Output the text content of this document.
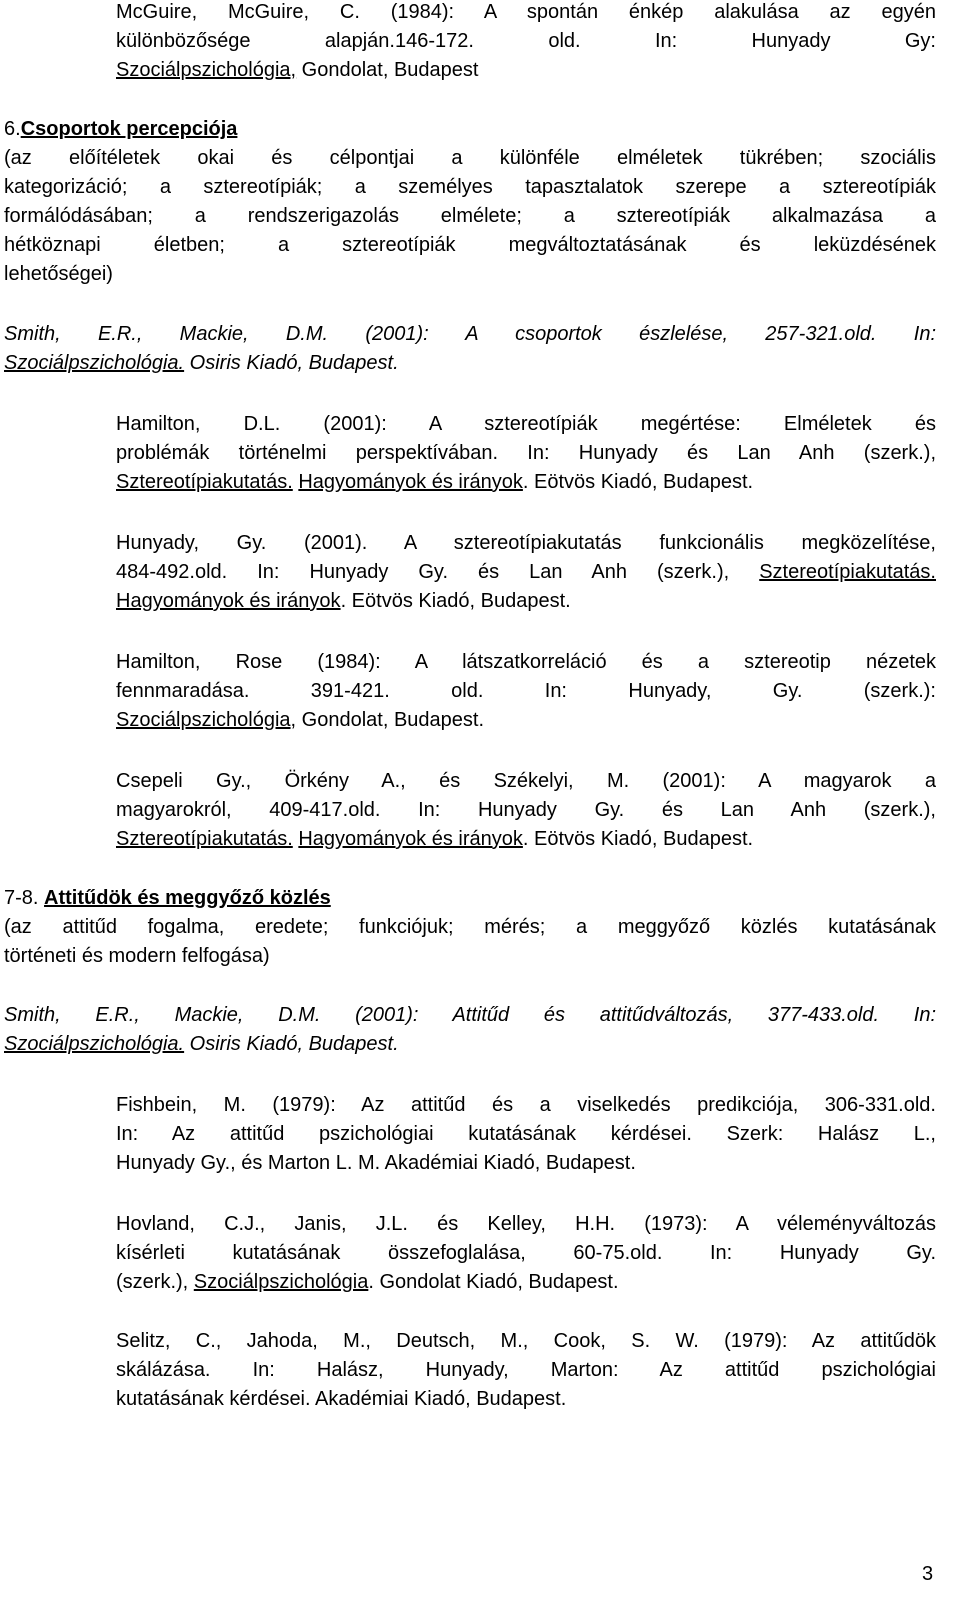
McGuire, McGuire, C. (1984): A spontán énkép alakulása az egyén
különbözősége alapján.146-172. old. In: Hunyady Gy:
Szociálpszichológia, Gondolat, Budapest
6.Csoportok percepciója
(az előítéletek okai és célpontjai a különféle elméletek tükrében; szociális
kategorizáció; a sztereotípiák; a személyes tapasztalatok szerepe a sztereotípiák
formálódásában; a rendszerigazolás elmélete; a sztereotípiák alkalmazása a
hétköznapi életben; a sztereotípiák megváltoztatásának és leküzdésének
lehetőségei)
Smith, E.R., Mackie, D.M. (2001): A csoportok észlelése, 257-321.old. In:
Szociálpszichológia. Osiris Kiadó, Budapest.
Hamilton, D.L. (2001): A sztereotípiák megértése: Elméletek és
problémák történelmi perspektívában. In: Hunyady és Lan Anh (szerk.),
Sztereotípiakutatás. Hagyományok és irányok. Eötvös Kiadó, Budapest.
Hunyady, Gy. (2001). A sztereotípiakutatás funkcionális megközelítése,
484-492.old. In: Hunyady Gy. és Lan Anh (szerk.), Sztereotípiakutatás.
Hagyományok és irányok. Eötvös Kiadó, Budapest.
Hamilton, Rose (1984): A látszatkorreláció és a sztereotip nézetek
fennmaradása. 391-421. old. In: Hunyady, Gy. (szerk.):
Szociálpszichológia, Gondolat, Budapest.
Csepeli Gy., Örkény A., és Székelyi, M. (2001): A magyarok a
magyarokról, 409-417.old. In: Hunyady Gy. és Lan Anh (szerk.),
Sztereotípiakutatás. Hagyományok és irányok. Eötvös Kiadó, Budapest.
7-8. Attitűdök és meggyőző közlés
(az attitűd fogalma, eredete; funkciójuk; mérés; a meggyőző közlés kutatásának
történeti és modern felfogása)
Smith, E.R., Mackie, D.M. (2001): Attitűd és attitűdváltozás, 377-433.old. In:
Szociálpszichológia. Osiris Kiadó, Budapest.
Fishbein, M. (1979): Az attitűd és a viselkedés predikciója, 306-331.old.
In: Az attitűd pszichológiai kutatásának kérdései. Szerk: Halász L.,
Hunyady Gy., és Marton L. M. Akadémiai Kiadó, Budapest.
Hovland, C.J., Janis, J.L. és Kelley, H.H. (1973): A véleményváltozás
kísérleti kutatásának összefoglalása, 60-75.old. In: Hunyady Gy.
(szerk.), Szociálpszichológia. Gondolat Kiadó, Budapest.
Selitz, C., Jahoda, M., Deutsch, M., Cook, S. W. (1979): Az attitűdök
skálázása. In: Halász, Hunyady, Marton: Az attitűd pszichológiai
kutatásának kérdései. Akadémiai Kiadó, Budapest.
3
